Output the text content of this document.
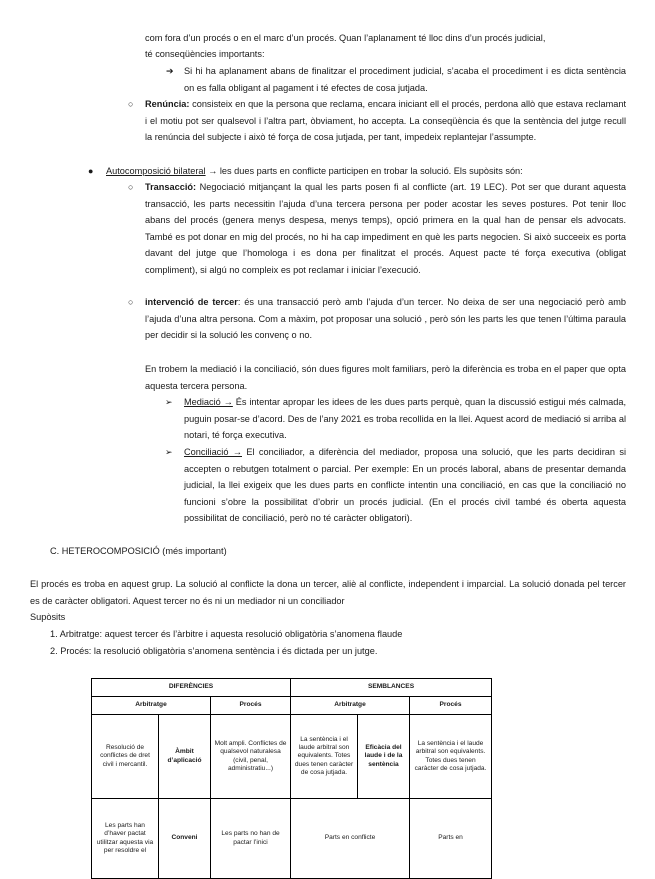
com fora d’un procés o en el marc d’un procés. Quan l’aplanament té lloc dins d’un procés judicial,
té conseqüències importants:
➔ Si hi ha aplanament abans de finalitzar el procediment judicial, s’acaba el procediment i es dicta sentència on es falla obligant al pagament i té efectes de cosa jutjada.

○ Renúncia: consisteix en que la persona que reclama, encara iniciant ell el procés, perdona allò que estava reclamant i el motiu pot ser qualsevol i l’altra part, òbviament, ho accepta. La conseqüència és que la sentència del jutge recull la renúncia del subjecte i això té força de cosa jutjada, per tant, impedeix replantejar l’assumpte.

● Autocomposició bilateral → les dues parts en conflicte participen en trobar la solució. Els supòsits són:

○ Transacció: Negociació mitjançant la qual les parts posen fi al conflicte (art. 19 LEC). Pot ser que durant aquesta transacció, les parts necessitin l’ajuda d’una tercera persona per poder acostar les seves postures. Pot tenir lloc abans del procés (genera menys despesa, menys temps), opció primera en la qual han de pensar els advocats. També es pot donar en mig del procés, no hi ha cap impediment en què les parts negocien. Si això succeeix es porta davant del jutge que l’homologa i es dona per finalitzat el procés. Aquest pacte té força executiva (obligat compliment), si algú no compleix es pot reclamar i iniciar l’execució.

○ intervenció de tercer: és una transacció però amb l’ajuda d’un tercer. No deixa de ser una negociació però amb l’ajuda d’una altra persona. Com a màxim, pot proposar una solució , però són les parts les que tenen l’última paraula per decidir si la solució les convenç o no.

En trobem la mediació i la conciliació, són dues figures molt familiars, però la diferència es troba en el paper que opta aquesta tercera persona.

➢ Mediació → És intentar apropar les idees de les dues parts perquè, quan la discussió estigui més calmada, puguin posar-se d’acord. Des de l’any 2021 es troba recollida en la llei. Aquest acord de mediació si arriba al notari, té força executiva.

➢ Conciliació → El conciliador, a diferència del mediador, proposa una solució, que les parts decidiran si accepten o rebutgen totalment o parcial. Per exemple: En un procés laboral, abans de presentar demanda judicial, la llei exigeix que les dues parts en conflicte intentin una conciliació, en cas que la conciliació no funcioni s’obre la possibilitat d’obrir un procés judicial. (En el procés civil també és oberta aquesta possibilitat de conciliació, però no té caràcter obligatori).

C. HETEROCOMPOSICIÓ (més important)

El procés es troba en aquest grup. La solució al conflicte la dona un tercer, aliè al conflicte, independent i imparcial. La solució donada pel tercer es de caràcter obligatori. Aquest tercer no és ni un mediador ni un conciliador

Supòsits
1. Arbitratge: aquest tercer és l’àrbitre i aquesta resolució obligatòria s’anomena flaude
2. Procés: la resolució obligatòria s’anomena sentència i és dictada per un jutge.
DIFERÈNCIES			SEMBLANCES		
Arbitratge		Procés	Arbitratge		Procés
Resolució de conflictes de dret civil i mercantil.	Àmbit d’aplicació	Molt ampli. Conflictes de qualsevol naturalesa (civil, penal, administratiu...)	La sentència i el laude arbitral son equivalents. Totes dues tenen caràcter de cosa jutjada.	Eficàcia del laude i de la sentència	La sentència i el laude arbitral son equivalents. Totes dues tenen caràcter de cosa jutjada.
Les parts han d’haver pactat utilitzar aquesta via per resoldre el	Conveni	Les parts no han de pactar l’inici	Parts en conflicte		Parts en
